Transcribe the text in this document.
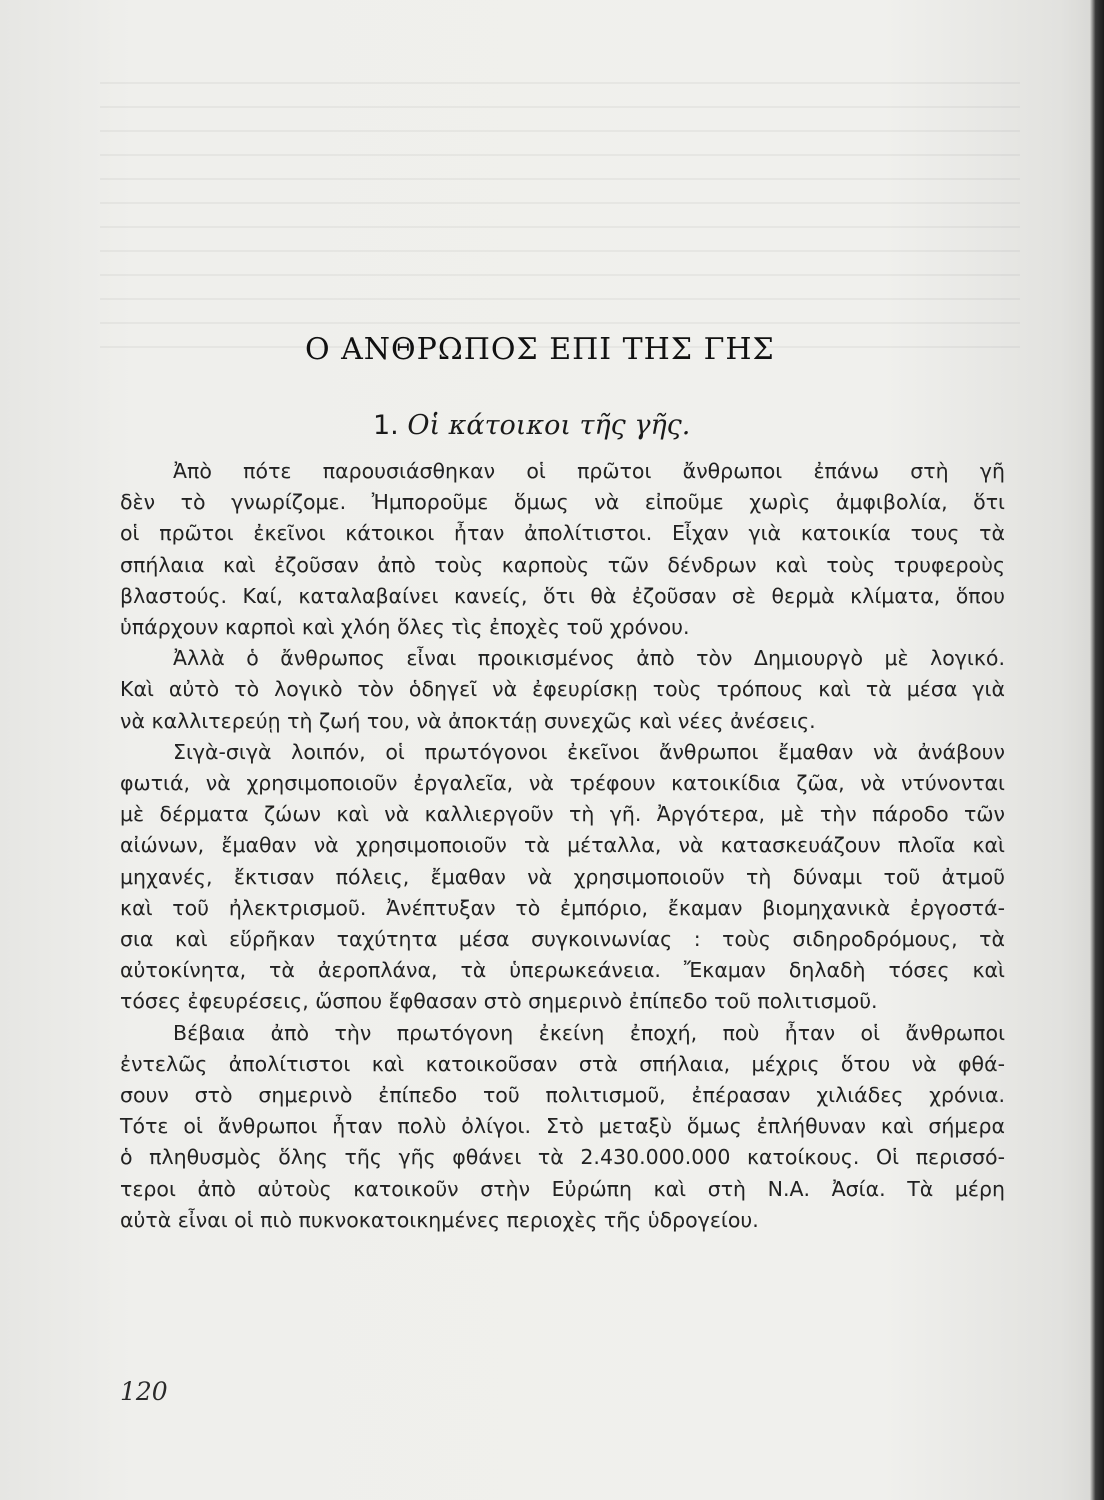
Ο ΑΝΘΡΩΠΟΣ ΕΠΙ ΤΗΣ ΓΗΣ
1. Οἱ κάτοικοι τῆς γῆς.
Ἀπὸ πότε παρουσιάσθηκαν οἱ πρῶτοι ἄνθρωποι ἐπάνω στὴ γῆ
δὲν τὸ γνωρίζομε. Ἠμποροῦμε ὅμως νὰ εἰποῦμε χωρὶς ἀμφιβολία, ὅτι
οἱ πρῶτοι ἐκεῖνοι κάτοικοι ἦταν ἀπολίτιστοι. Εἶχαν γιὰ κατοικία τους τὰ
σπήλαια καὶ ἐζοῦσαν ἀπὸ τοὺς καρποὺς τῶν δένδρων καὶ τοὺς τρυφεροὺς
βλαστούς. Καί, καταλαβαίνει κανείς, ὅτι θὰ ἐζοῦσαν σὲ θερμὰ κλίματα, ὅπου
ὑπάρχουν καρποὶ καὶ χλόη ὅλες τὶς ἐποχὲς τοῦ χρόνου.
Ἀλλὰ ὁ ἄνθρωπος εἶναι προικισμένος ἀπὸ τὸν Δημιουργὸ μὲ λογικό.
Καὶ αὐτὸ τὸ λογικὸ τὸν ὁδηγεῖ νὰ ἐφευρίσκῃ τοὺς τρόπους καὶ τὰ μέσα γιὰ
νὰ καλλιτερεύῃ τὴ ζωή του, νὰ ἀποκτάῃ συνεχῶς καὶ νέες ἀνέσεις.
Σιγὰ-σιγὰ λοιπόν, οἱ πρωτόγονοι ἐκεῖνοι ἄνθρωποι ἔμαθαν νὰ ἀνάβουν
φωτιά, νὰ χρησιμοποιοῦν ἐργαλεῖα, νὰ τρέφουν κατοικίδια ζῶα, νὰ ντύνονται
μὲ δέρματα ζώων καὶ νὰ καλλιεργοῦν τὴ γῆ. Ἀργότερα, μὲ τὴν πάροδο τῶν
αἰώνων, ἔμαθαν νὰ χρησιμοποιοῦν τὰ μέταλλα, νὰ κατασκευάζουν πλοῖα καὶ
μηχανές, ἔκτισαν πόλεις, ἔμαθαν νὰ χρησιμοποιοῦν τὴ δύναμι τοῦ ἀτμοῦ
καὶ τοῦ ἠλεκτρισμοῦ. Ἀνέπτυξαν τὸ ἐμπόριο, ἔκαμαν βιομηχανικὰ ἐργοστά-
σια καὶ εὕρῆκαν ταχύτητα μέσα συγκοινωνίας : τοὺς σιδηροδρόμους, τὰ
αὐτοκίνητα, τὰ ἀεροπλάνα, τὰ ὑπερωκεάνεια. Ἔκαμαν δηλαδὴ τόσες καὶ
τόσες ἐφευρέσεις, ὥσπου ἔφθασαν στὸ σημερινὸ ἐπίπεδο τοῦ πολιτισμοῦ.
Βέβαια ἀπὸ τὴν πρωτόγονη ἐκείνη ἐποχή, ποὺ ἦταν οἱ ἄνθρωποι
ἐντελῶς ἀπολίτιστοι καὶ κατοικοῦσαν στὰ σπήλαια, μέχρις ὅτου νὰ φθά-
σουν στὸ σημερινὸ ἐπίπεδο τοῦ πολιτισμοῦ, ἐπέρασαν χιλιάδες χρόνια.
Τότε οἱ ἄνθρωποι ἦταν πολὺ ὀλίγοι. Στὸ μεταξὺ ὅμως ἐπλήθυναν καὶ σήμερα
ὁ πληθυσμὸς ὅλης τῆς γῆς φθάνει τὰ 2.430.000.000 κατοίκους. Οἱ περισσό-
τεροι ἀπὸ αὐτοὺς κατοικοῦν στὴν Εὐρώπη καὶ στὴ Ν.Α. Ἀσία. Τὰ μέρη
αὐτὰ εἶναι οἱ πιὸ πυκνοκατοικημένες περιοχὲς τῆς ὑδρογείου.
120
